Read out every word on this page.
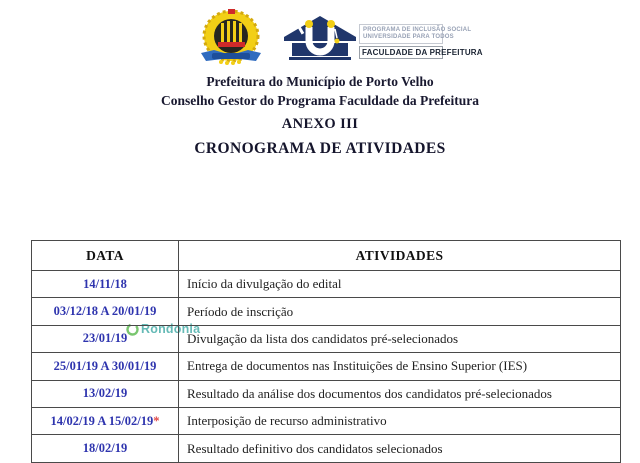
PROGRAMA DE INCLUSÃO SOCIAL
UNIVERSIDADE PARA TODOS
FACULDADE DA PREFEITURA
Prefeitura do Município de Porto Velho
Conselho Gestor do Programa Faculdade da Prefeitura
ANEXO III
CRONOGRAMA DE ATIVIDADES
Rondonia
DATA	ATIVIDADES
14/11/18	Início da divulgação do edital
03/12/18 A 20/01/19	Período de inscrição
23/01/19	Divulgação da lista dos candidatos pré-selecionados
25/01/19 A 30/01/19	Entrega de documentos nas Instituições de Ensino Superior (IES)
13/02/19	Resultado da análise dos documentos dos candidatos pré-selecionados
14/02/19 A 15/02/19*	Interposição de recurso administrativo
18/02/19	Resultado definitivo dos candidatos selecionados
